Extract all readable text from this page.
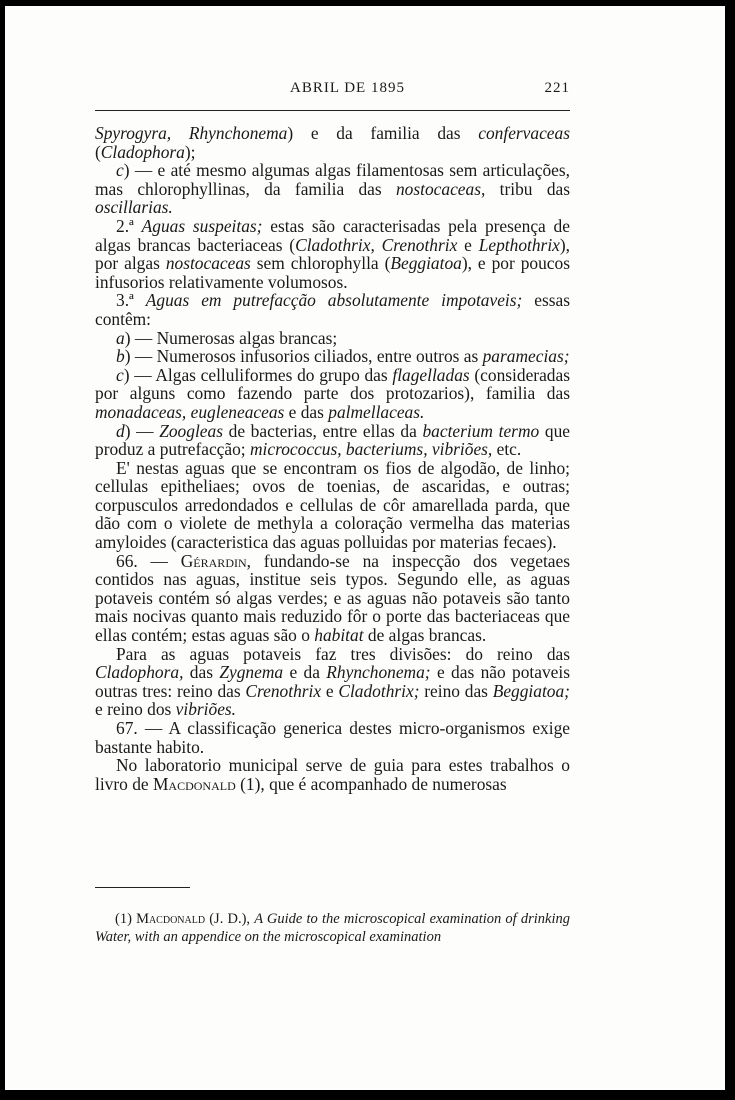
ABRIL DE 1895	221

Spyrogyra, Rhynchonema) e da familia das confervaceas (Cladophora);

c) — e até mesmo algumas algas filamentosas sem articulações, mas chlorophyllinas, da familia das nostocaceas, tribu das oscillarias.

2.ª Aguas suspeitas; estas são caracterisadas pela presença de algas brancas bacteriaceas (Cladothrix, Crenothrix e Lepthothrix), por algas nostocaceas sem chlorophylla (Beggiatoa), e por poucos infusorios relativamente volumosos.

3.ª Aguas em putrefacção absolutamente impotaveis; essas contêm:

a) — Numerosas algas brancas;

b) — Numerosos infusorios ciliados, entre outros as paramecias;

c) — Algas celluliformes do grupo das flagelladas (consideradas por alguns como fazendo parte dos protozarios), familia das monadaceas, eugleneaceas e das palmellaceas.

d) — Zoogleas de bacterias, entre ellas da bacterium termo que produz a putrefacção; micrococcus, bacteriums, vibriões, etc.

E' nestas aguas que se encontram os fios de algodão, de linho; cellulas epitheliaes; ovos de toenias, de ascaridas, e outras; corpusculos arredondados e cellulas de côr amarellada parda, que dão com o violete de methyla a coloração vermelha das materias amyloides (caracteristica das aguas polluidas por materias fecaes).

66. — Gérardin, fundando-se na inspecção dos vegetaes contidos nas aguas, institue seis typos. Segundo elle, as aguas potaveis contém só algas verdes; e as aguas não potaveis são tanto mais nocivas quanto mais reduzido fôr o porte das bacteriaceas que ellas contém; estas aguas são o habitat de algas brancas.

Para as aguas potaveis faz tres divisões: do reino das Cladophora, das Zygnema e da Rhynchonema; e das não potaveis outras tres: reino das Crenothrix e Cladothrix; reino das Beggiatoa; e reino dos vibriões.

67. — A classificação generica destes micro-organismos exige bastante habito.

No laboratorio municipal serve de guia para estes trabalhos o livro de Macdonald (1), que é acompanhado de numerosas

(1) Macdonald (J. D.), A Guide to the microscopical examination of drinking Water, with an appendice on the microscopical examination
